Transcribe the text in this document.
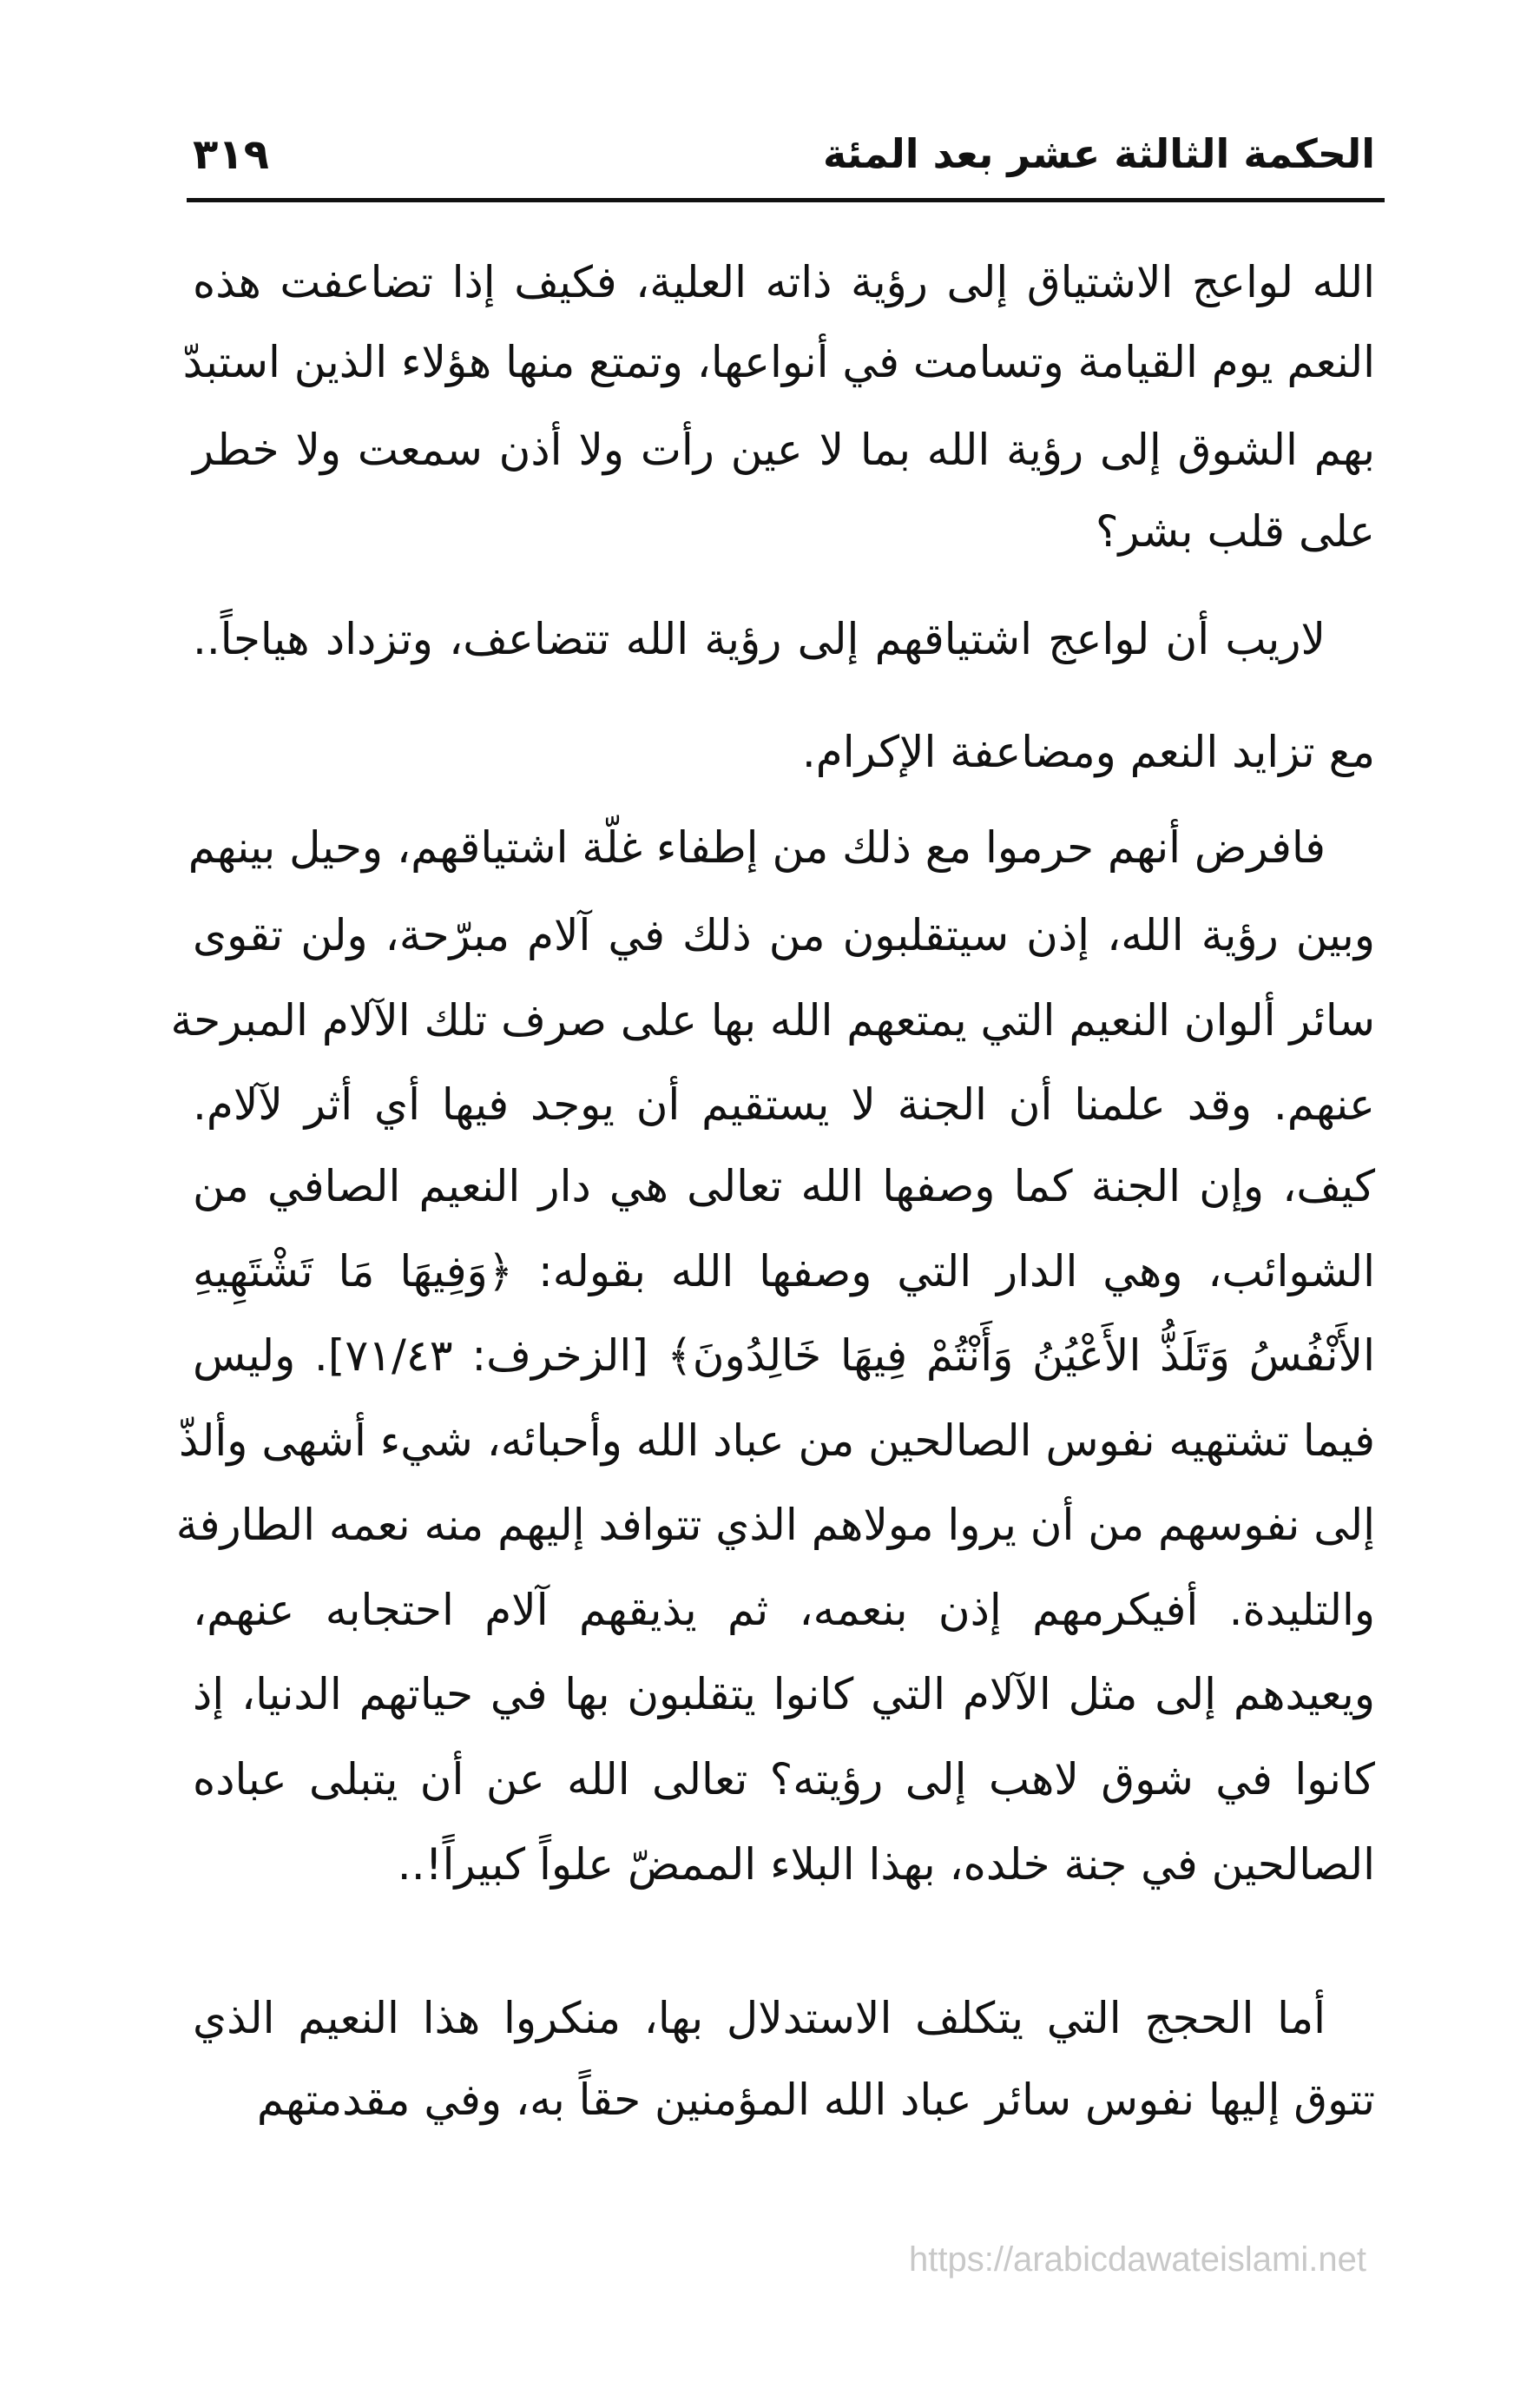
الحكمة الثالثة عشر بعد المئة
٣١٩
الله لواعج الاشتياق إلى رؤية ذاته العلية، فكيف إذا تضاعفت هذه
النعم يوم القيامة وتسامت في أنواعها، وتمتع منها هؤلاء الذين استبدّ
بهم الشوق إلى رؤية الله بما لا عين رأت ولا أذن سمعت ولا خطر
على قلب بشر؟
لاريب أن لواعج اشتياقهم إلى رؤية الله تتضاعف، وتزداد هياجاً..
مع تزايد النعم ومضاعفة الإكرام.
فافرض أنهم حرموا مع ذلك من إطفاء غلّة اشتياقهم، وحيل بينهم
وبين رؤية الله، إذن سيتقلبون من ذلك في آلام مبرّحة، ولن تقوى
سائر ألوان النعيم التي يمتعهم الله بها على صرف تلك الآلام المبرحة
عنهم. وقد علمنا أن الجنة لا يستقيم أن يوجد فيها أي أثر لآلام.
كيف، وإن الجنة كما وصفها الله تعالى هي دار النعيم الصافي من
الشوائب، وهي الدار التي وصفها الله بقوله: ﴿وَفِيهَا مَا تَشْتَهِيهِ
الأَنْفُسُ وَتَلَذُّ الأَعْيُنُ وَأَنْتُمْ فِيهَا خَالِدُونَ﴾ [الزخرف: ٧١/٤٣]. وليس
فيما تشتهيه نفوس الصالحين من عباد الله وأحبائه، شيء أشهى وألذّ
إلى نفوسهم من أن يروا مولاهم الذي تتوافد إليهم منه نعمه الطارفة
والتليدة. أفيكرمهم إذن بنعمه، ثم يذيقهم آلام احتجابه عنهم،
ويعيدهم إلى مثل الآلام التي كانوا يتقلبون بها في حياتهم الدنيا، إذ
كانوا في شوق لاهب إلى رؤيته؟ تعالى الله عن أن يتبلى عباده
الصالحين في جنة خلده، بهذا البلاء الممضّ علواً كبيراً!..
أما الحجج التي يتكلف الاستدلال بها، منكروا هذا النعيم الذي
تتوق إليها نفوس سائر عباد الله المؤمنين حقاً به، وفي مقدمتهم
https://arabicdawateislami.net
